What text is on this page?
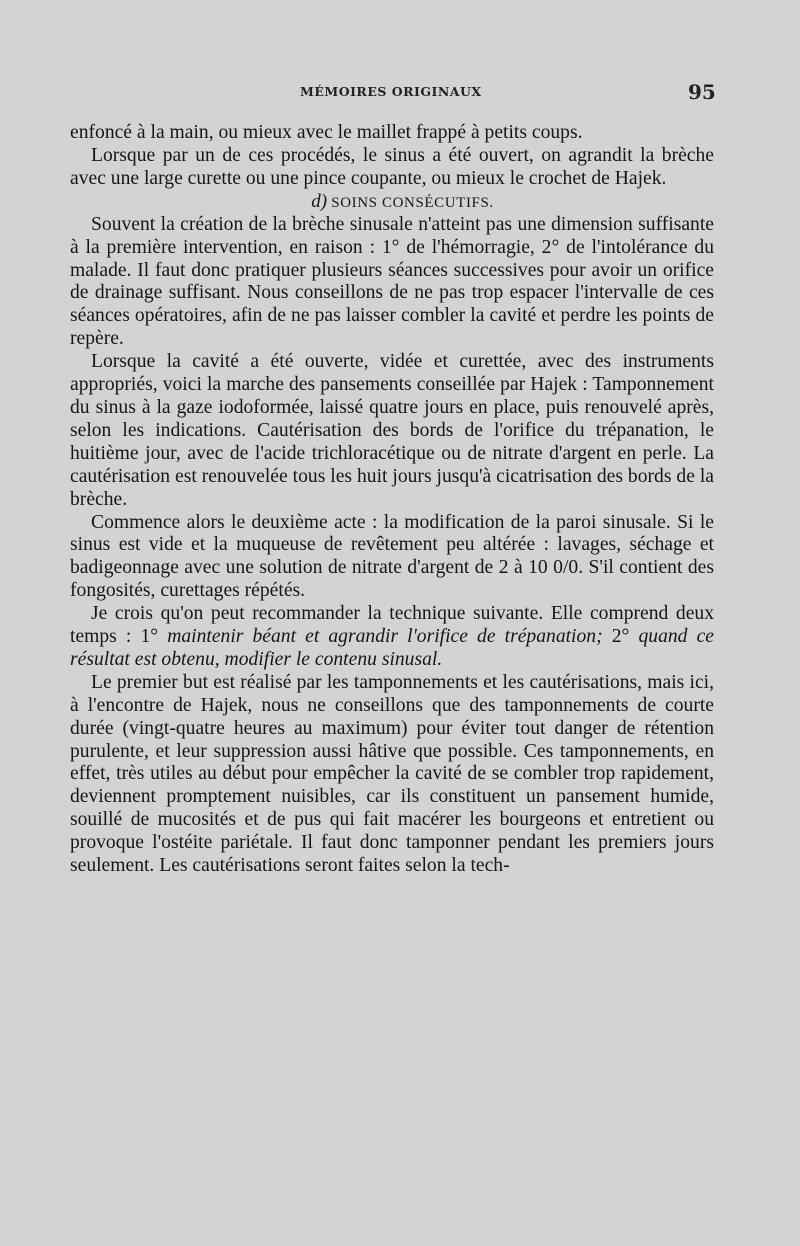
MÉMOIRES ORIGINAUX	95

enfoncé à la main, ou mieux avec le maillet frappé à petits coups.

Lorsque par un de ces procédés, le sinus a été ouvert, on agrandit la brèche avec une large curette ou une pince coupante, ou mieux le crochet de Hajek.

d) SOINS CONSÉCUTIFS.

Souvent la création de la brèche sinusale n'atteint pas une dimension suffisante à la première intervention, en raison : 1° de l'hémorragie, 2° de l'intolérance du malade. Il faut donc pratiquer plusieurs séances successives pour avoir un orifice de drainage suffisant. Nous conseillons de ne pas trop espacer l'intervalle de ces séances opératoires, afin de ne pas laisser combler la cavité et perdre les points de repère.

Lorsque la cavité a été ouverte, vidée et curettée, avec des instruments appropriés, voici la marche des pansements conseillée par Hajek : Tamponnement du sinus à la gaze iodoformée, laissé quatre jours en place, puis renouvelé après, selon les indications. Cautérisation des bords de l'orifice du trépanation, le huitième jour, avec de l'acide trichloracétique ou de nitrate d'argent en perle. La cautérisation est renouvelée tous les huit jours jusqu'à cicatrisation des bords de la brèche.

Commence alors le deuxième acte : la modification de la paroi sinusale. Si le sinus est vide et la muqueuse de revêtement peu altérée : lavages, séchage et badigeonnage avec une solution de nitrate d'argent de 2 à 10 0/0. S'il contient des fongosités, curettages répétés.

Je crois qu'on peut recommander la technique suivante. Elle comprend deux temps : 1° maintenir béant et agrandir l'orifice de trépanation; 2° quand ce résultat est obtenu, modifier le contenu sinusal.

Le premier but est réalisé par les tamponnements et les cautérisations, mais ici, à l'encontre de Hajek, nous ne conseillons que des tamponnements de courte durée (vingt-quatre heures au maximum) pour éviter tout danger de rétention purulente, et leur suppression aussi hâtive que possible. Ces tamponnements, en effet, très utiles au début pour empêcher la cavité de se combler trop rapidement, deviennent promptement nuisibles, car ils constituent un pansement humide, souillé de mucosités et de pus qui fait macérer les bourgeons et entretient ou provoque l'ostéite pariétale. Il faut donc tamponner pendant les premiers jours seulement. Les cautérisations seront faites selon la tech-
